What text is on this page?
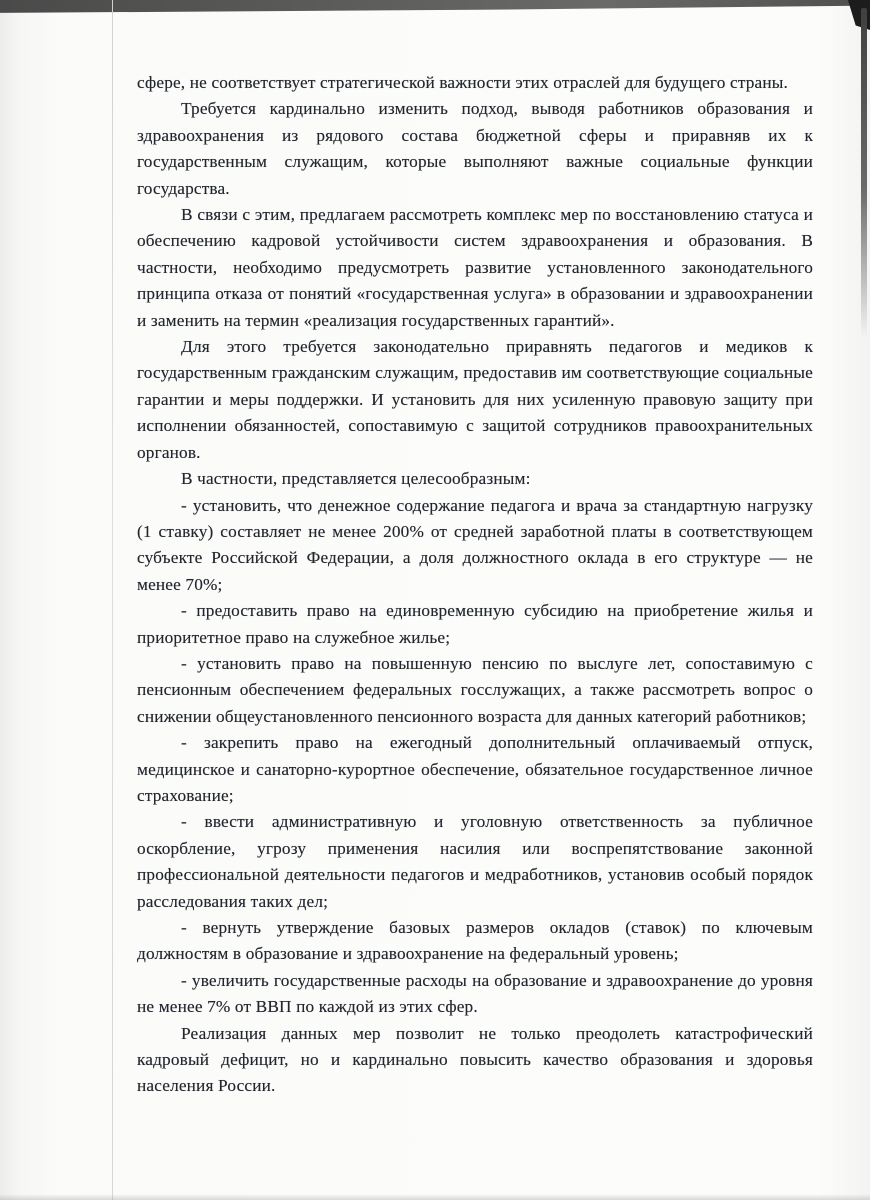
сфере, не соответствует стратегической важности этих отраслей для будущего страны.

Требуется кардинально изменить подход, выводя работников образования и здравоохранения из рядового состава бюджетной сферы и приравняв их к государственным служащим, которые выполняют важные социальные функции государства.

В связи с этим, предлагаем рассмотреть комплекс мер по восстановлению статуса и обеспечению кадровой устойчивости систем здравоохранения и образования. В частности, необходимо предусмотреть развитие установленного законодательного принципа отказа от понятий «государственная услуга» в образовании и здравоохранении и заменить на термин «реализация государственных гарантий».

Для этого требуется законодательно приравнять педагогов и медиков к государственным гражданским служащим, предоставив им соответствующие социальные гарантии и меры поддержки. И установить для них усиленную правовую защиту при исполнении обязанностей, сопоставимую с защитой сотрудников правоохранительных органов.

В частности, представляется целесообразным:

- установить, что денежное содержание педагога и врача за стандартную нагрузку (1 ставку) составляет не менее 200% от средней заработной платы в соответствующем субъекте Российской Федерации, а доля должностного оклада в его структуре — не менее 70%;

- предоставить право на единовременную субсидию на приобретение жилья и приоритетное право на служебное жилье;

- установить право на повышенную пенсию по выслуге лет, сопоставимую с пенсионным обеспечением федеральных госслужащих, а также рассмотреть вопрос о снижении общеустановленного пенсионного возраста для данных категорий работников;

- закрепить право на ежегодный дополнительный оплачиваемый отпуск, медицинское и санаторно-курортное обеспечение, обязательное государственное личное страхование;

- ввести административную и уголовную ответственность за публичное оскорбление, угрозу применения насилия или воспрепятствование законной профессиональной деятельности педагогов и медработников, установив особый порядок расследования таких дел;

- вернуть утверждение базовых размеров окладов (ставок) по ключевым должностям в образование и здравоохранение на федеральный уровень;

- увеличить государственные расходы на образование и здравоохранение до уровня не менее 7% от ВВП по каждой из этих сфер.

Реализация данных мер позволит не только преодолеть катастрофический кадровый дефицит, но и кардинально повысить качество образования и здоровья населения России.
